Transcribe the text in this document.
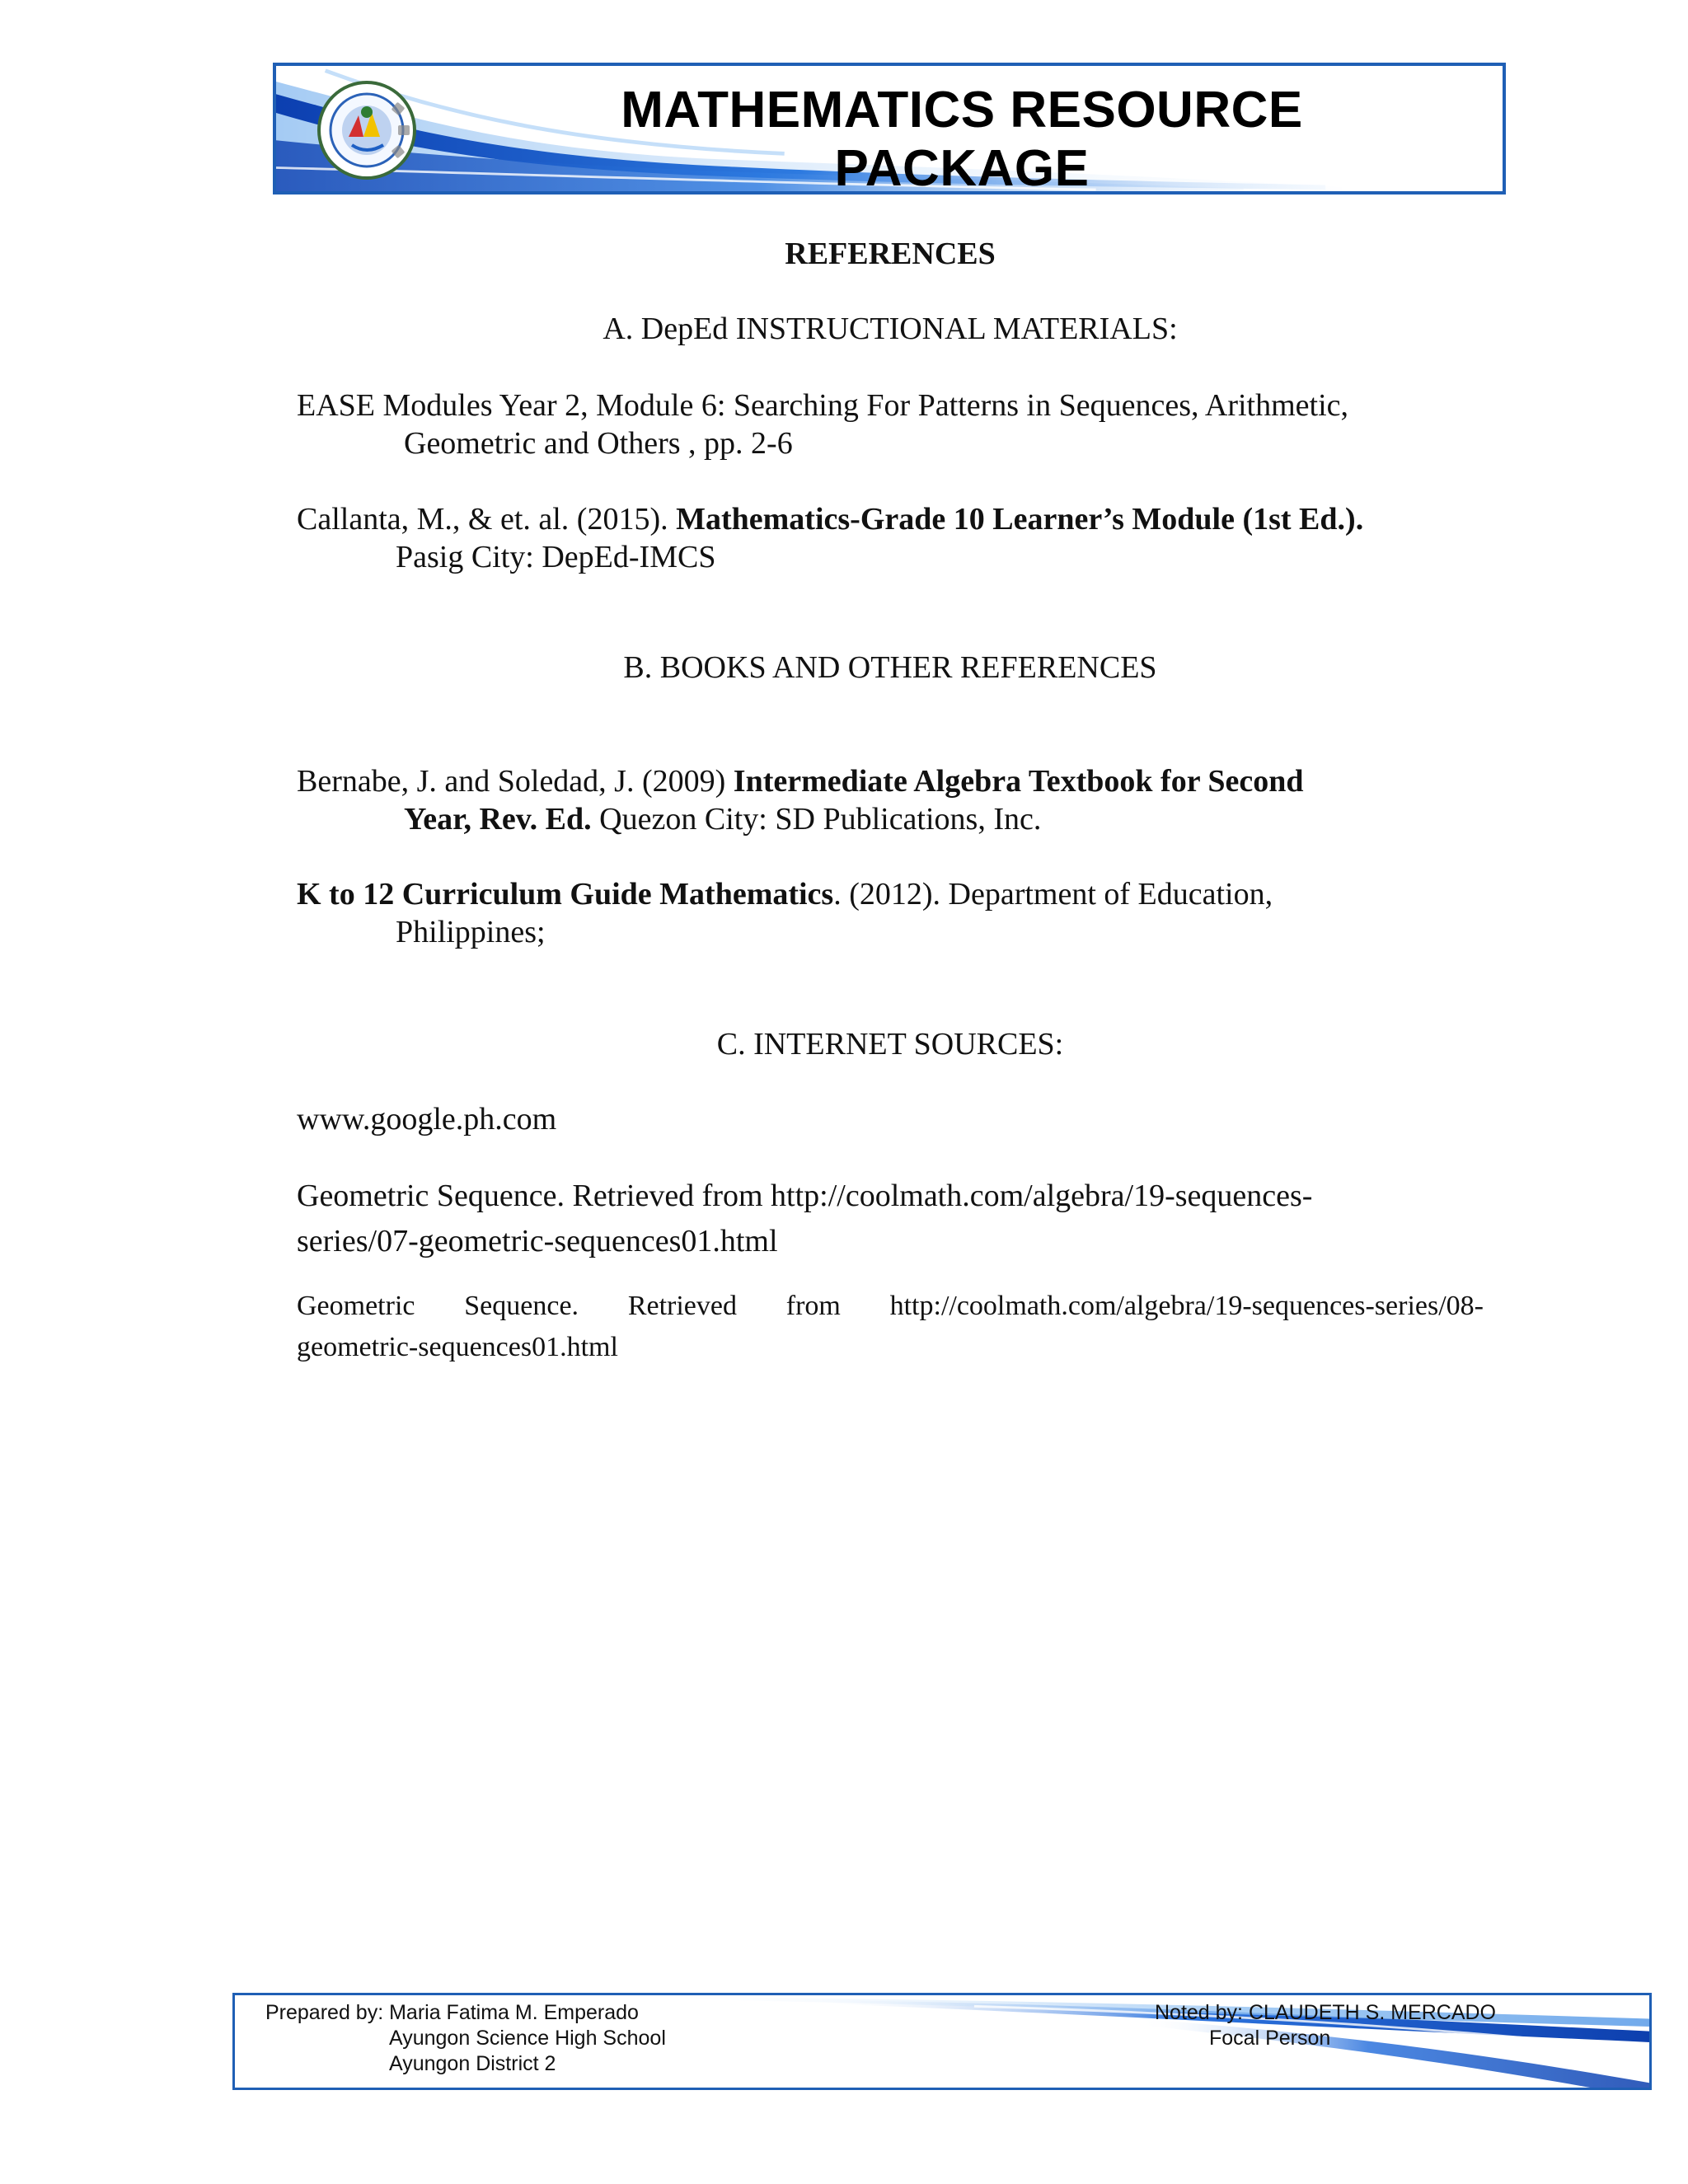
MATHEMATICS RESOURCE PACKAGE
REFERENCES
A. DepEd INSTRUCTIONAL MATERIALS:
EASE Modules Year 2, Module 6: Searching For Patterns in Sequences, Arithmetic,
Geometric and Others , pp. 2-6
Callanta, M., & et. al. (2015). Mathematics-Grade 10 Learner’s Module (1st Ed.).
Pasig City: DepEd-IMCS
B. BOOKS AND OTHER REFERENCES
Bernabe, J. and Soledad, J. (2009) Intermediate Algebra Textbook for Second
Year, Rev. Ed. Quezon City: SD Publications, Inc.
K to 12 Curriculum Guide Mathematics. (2012). Department of Education,
Philippines;
C. INTERNET SOURCES:
www.google.ph.com
Geometric Sequence. Retrieved from http://coolmath.com/algebra/19-sequences-
series/07-geometric-sequences01.html
Geometric Sequence. Retrieved from http://coolmath.com/algebra/19-sequences-series/08-
geometric-sequences01.html
Prepared by: Maria Fatima M. Emperado
Ayungon Science High School
Ayungon District 2
Noted by: CLAUDETH S. MERCADO
Focal Person
